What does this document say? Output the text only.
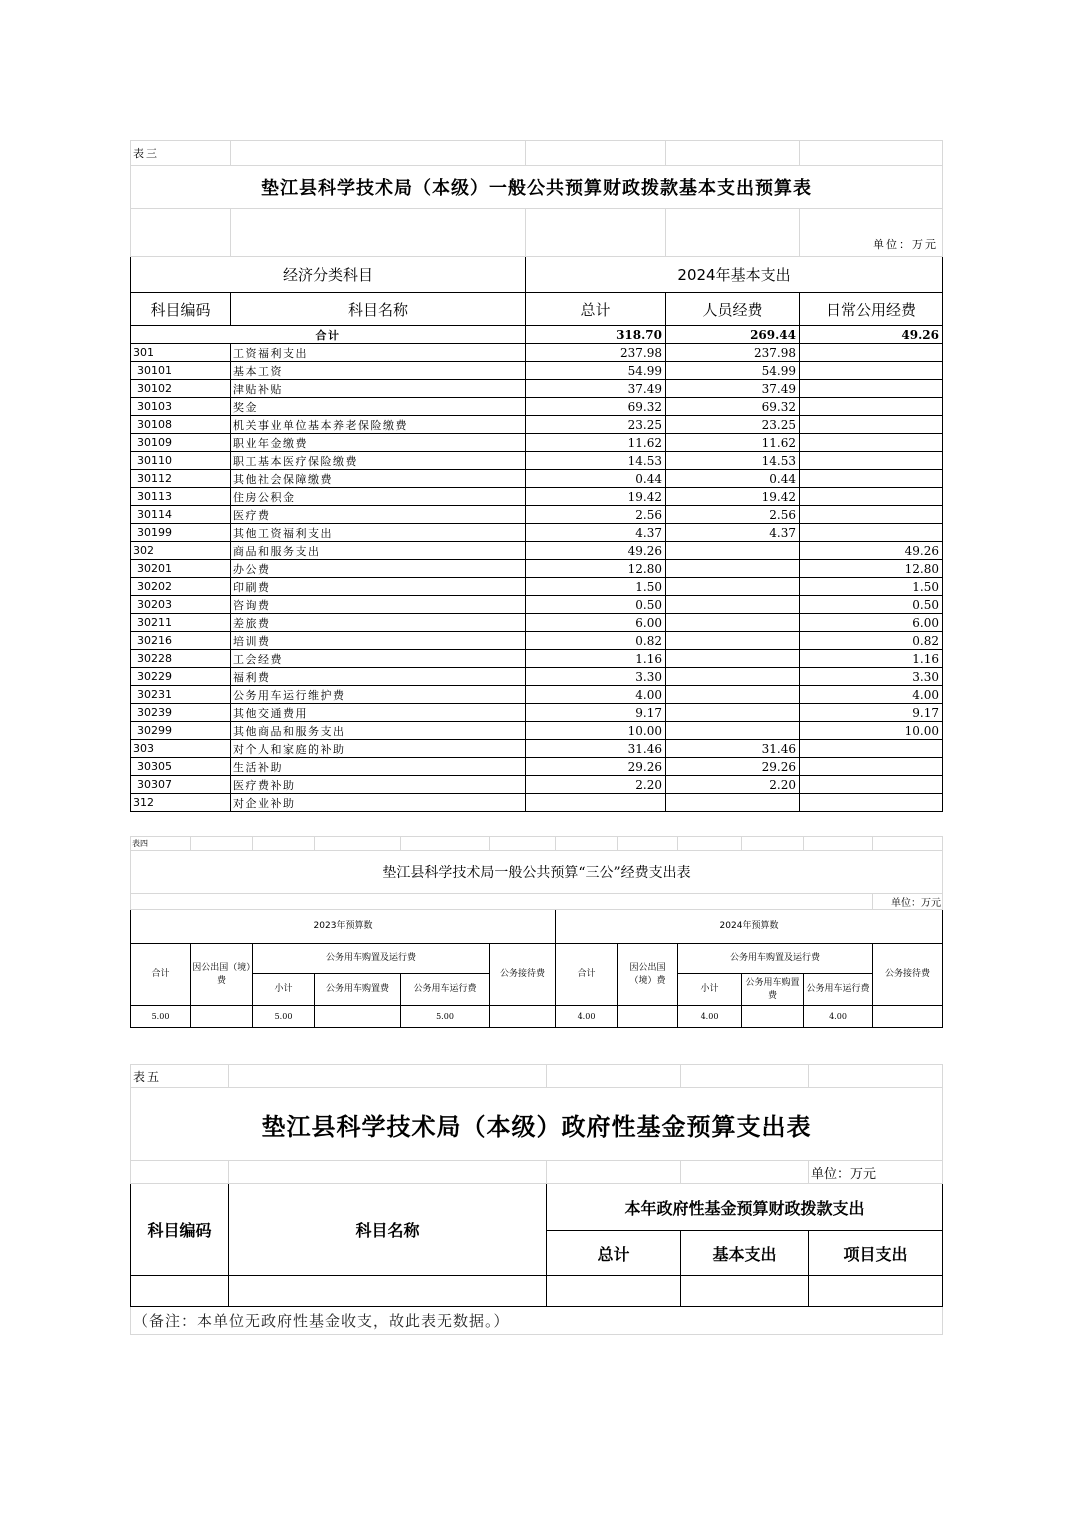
表三				
垫江县科学技术局（本级）一般公共预算财政拨款基本支出预算表				
				单位：万元
经济分类科目		2024年基本支出		
科目编码	科目名称	总计	人员经费	日常公用经费
合计		318.70	269.44	49.26
301	工资福利支出	237.98	237.98	
30101	基本工资	54.99	54.99	
30102	津贴补贴	37.49	37.49	
30103	奖金	69.32	69.32	
30108	机关事业单位基本养老保险缴费	23.25	23.25	
30109	职业年金缴费	11.62	11.62	
30110	职工基本医疗保险缴费	14.53	14.53	
30112	其他社会保障缴费	0.44	0.44	
30113	住房公积金	19.42	19.42	
30114	医疗费	2.56	2.56	
30199	其他工资福利支出	4.37	4.37	
302	商品和服务支出	49.26		49.26
30201	办公费	12.80		12.80
30202	印刷费	1.50		1.50
30203	咨询费	0.50		0.50
30211	差旅费	6.00		6.00
30216	培训费	0.82		0.82
30228	工会经费	1.16		1.16
30229	福利费	3.30		3.30
30231	公务用车运行维护费	4.00		4.00
30239	其他交通费用	9.17		9.17
30299	其他商品和服务支出	10.00		10.00
303	对个人和家庭的补助	31.46	31.46	
30305	生活补助	29.26	29.26	
30307	医疗费补助	2.20	2.20	
312	对企业补助			
表四											
垫江县科学技术局一般公共预算“三公”经费支出表											
											单位：万元
2023年预算数						2024年预算数					
合计	因公出国（境）费	公务用车购置及运行费			公务接待费	合计	因公出国（境）费	公务用车购置及运行费			公务接待费
		小计	公务用车购置费	公务用车运行费				小计	公务用车购置费	公务用车运行费	
5.00		5.00		5.00		4.00		4.00		4.00	
表五				
垫江县科学技术局（本级）政府性基金预算支出表				
				单位：万元
科目编码	科目名称	本年政府性基金预算财政拨款支出		
		总计	基本支出	项目支出

（备注：本单位无政府性基金收支，故此表无数据。）				
